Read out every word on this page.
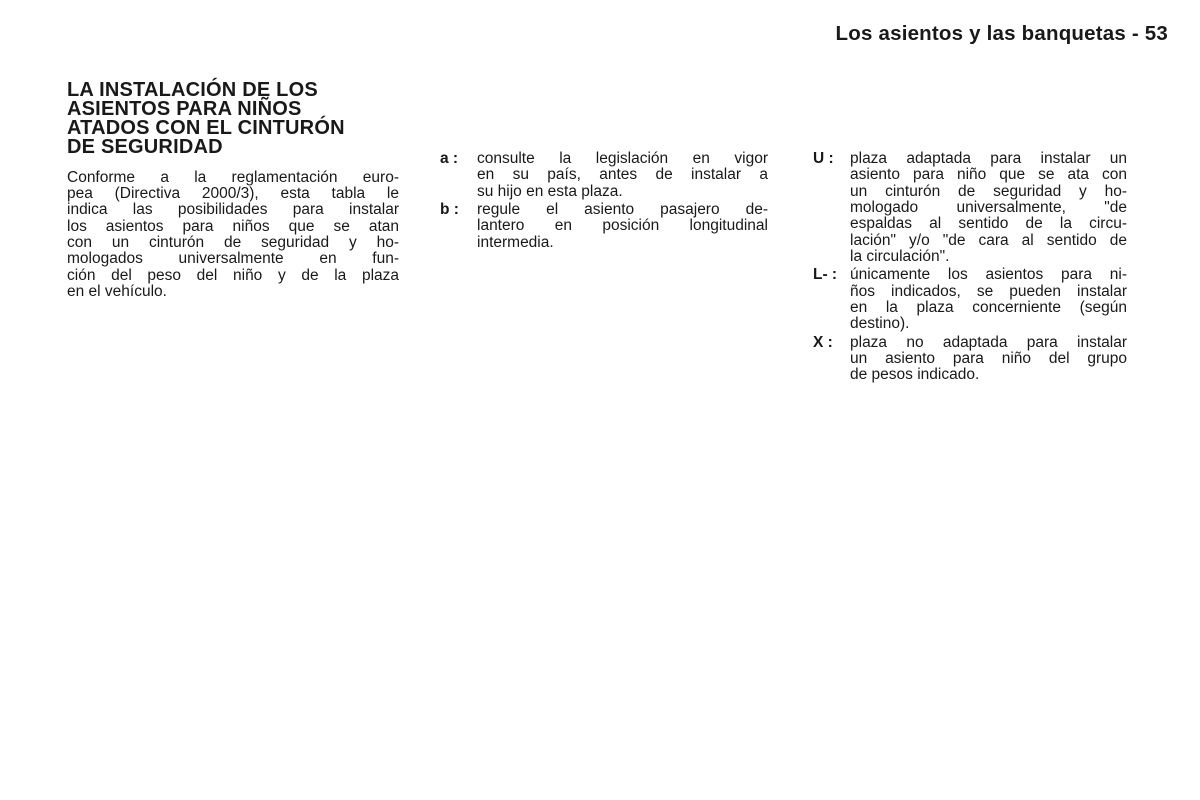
Los asientos y las banquetas - 53
LA INSTALACIÓN DE LOS
ASIENTOS PARA NIÑOS
ATADOS CON EL CINTURÓN
DE SEGURIDAD
Conforme a la reglamentación euro-
pea (Directiva 2000/3), esta tabla le
indica las posibilidades para instalar
los asientos para niños que se atan
con un cinturón de seguridad y ho-
mologados universalmente en fun-
ción del peso del niño y de la plaza
en el vehículo.
a :	consulte la legislación en vigor
en su país, antes de instalar a
su hijo en esta plaza.
b :	regule el asiento pasajero de-
lantero en posición longitudinal
intermedia.
U :	plaza adaptada para instalar un
asiento para niño que se ata con
un cinturón de seguridad y ho-
mologado universalmente, "de
espaldas al sentido de la circu-
lación" y/o "de cara al sentido de
la circulación".
L- : únicamente los asientos para ni-
ños indicados, se pueden instalar
en la plaza concerniente (según
destino).
X :	plaza no adaptada para instalar
un asiento para niño del grupo
de pesos indicado.
